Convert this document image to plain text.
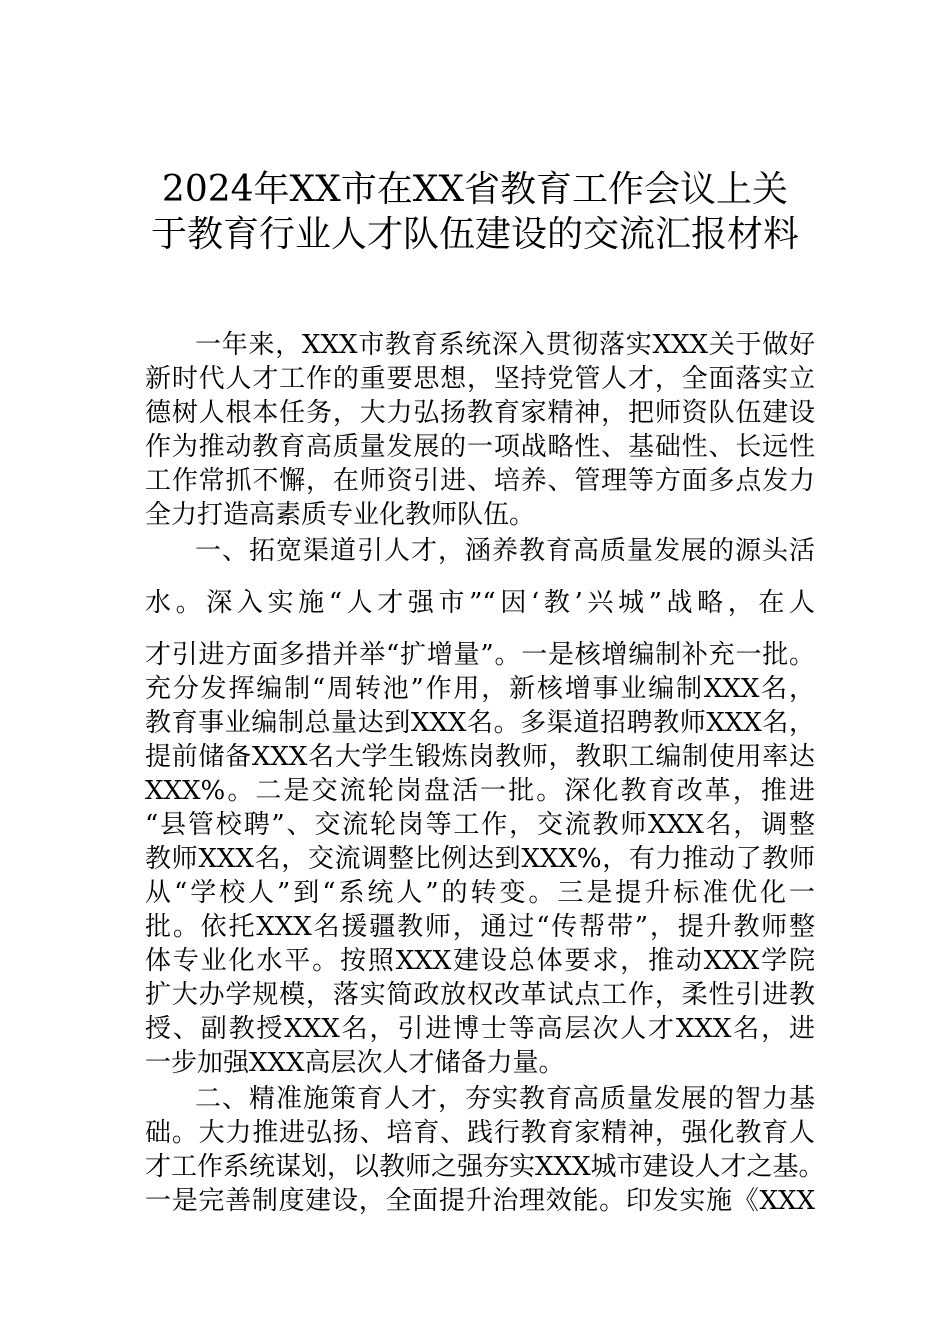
2024年XX市在XX省教育工作会议上关
于教育行业人才队伍建设的交流汇报材料
一年来，XXX市教育系统深入贯彻落实XXX关于做好
新时代人才工作的重要思想，坚持党管人才，全面落实立
德树人根本任务，大力弘扬教育家精神，把师资队伍建设
作为推动教育高质量发展的一项战略性、基础性、长远性
工作常抓不懈，在师资引进、培养、管理等方面多点发力
全力打造高素质专业化教师队伍。
一、拓宽渠道引人才，涵养教育高质量发展的源头活
水。深入实施“人才强市”“因‘教’兴城”战略，在人
才引进方面多措并举“扩增量”。一是核增编制补充一批。
充分发挥编制“周转池”作用，新核增事业编制XXX名，
教育事业编制总量达到XXX名。多渠道招聘教师XXX名，
提前储备XXX名大学生锻炼岗教师，教职工编制使用率达
XXX%。二是交流轮岗盘活一批。深化教育改革，推进
“县管校聘”、交流轮岗等工作，交流教师XXX名，调整
教师XXX名，交流调整比例达到XXX%，有力推动了教师
从“学校人”到“系统人”的转变。三是提升标准优化一
批。依托XXX名援疆教师，通过“传帮带”，提升教师整
体专业化水平。按照XXX建设总体要求，推动XXX学院
扩大办学规模，落实简政放权改革试点工作，柔性引进教
授、副教授XXX名，引进博士等高层次人才XXX名，进
一步加强XXX高层次人才储备力量。
二、精准施策育人才，夯实教育高质量发展的智力基
础。大力推进弘扬、培育、践行教育家精神，强化教育人
才工作系统谋划，以教师之强夯实XXX城市建设人才之基。
一是完善制度建设，全面提升治理效能。印发实施《XXX
